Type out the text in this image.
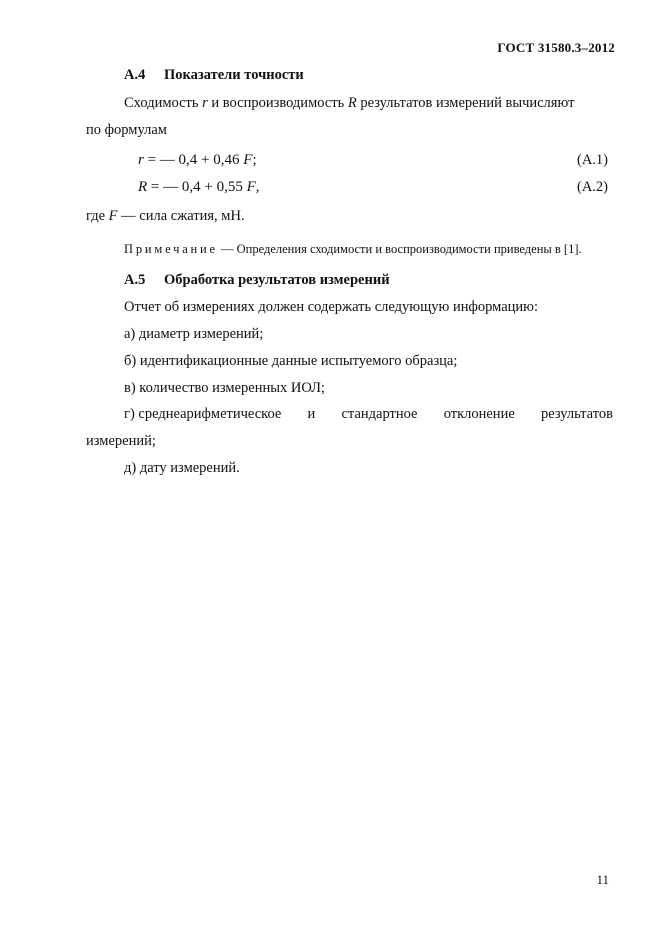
ГОСТ 31580.3–2012
А.4 Показатели точности
Сходимость r и воспроизводимость R результатов измерений вычисляют
по формулам
r = — 0,4 + 0,46 F;	(А.1)
R = — 0,4 + 0,55 F,	(А.2)
где F — сила сжатия, мН.
Примечание — Определения сходимости и воспроизводимости приведены в [1].
А.5 Обработка результатов измерений
Отчет об измерениях должен содержать следующую информацию:
а) диаметр измерений;
б) идентификационные данные испытуемого образца;
в) количество измеренных ИОЛ;
г) среднеарифметическое и стандартное отклонение результатов
измерений;
д) дату измерений.
11
